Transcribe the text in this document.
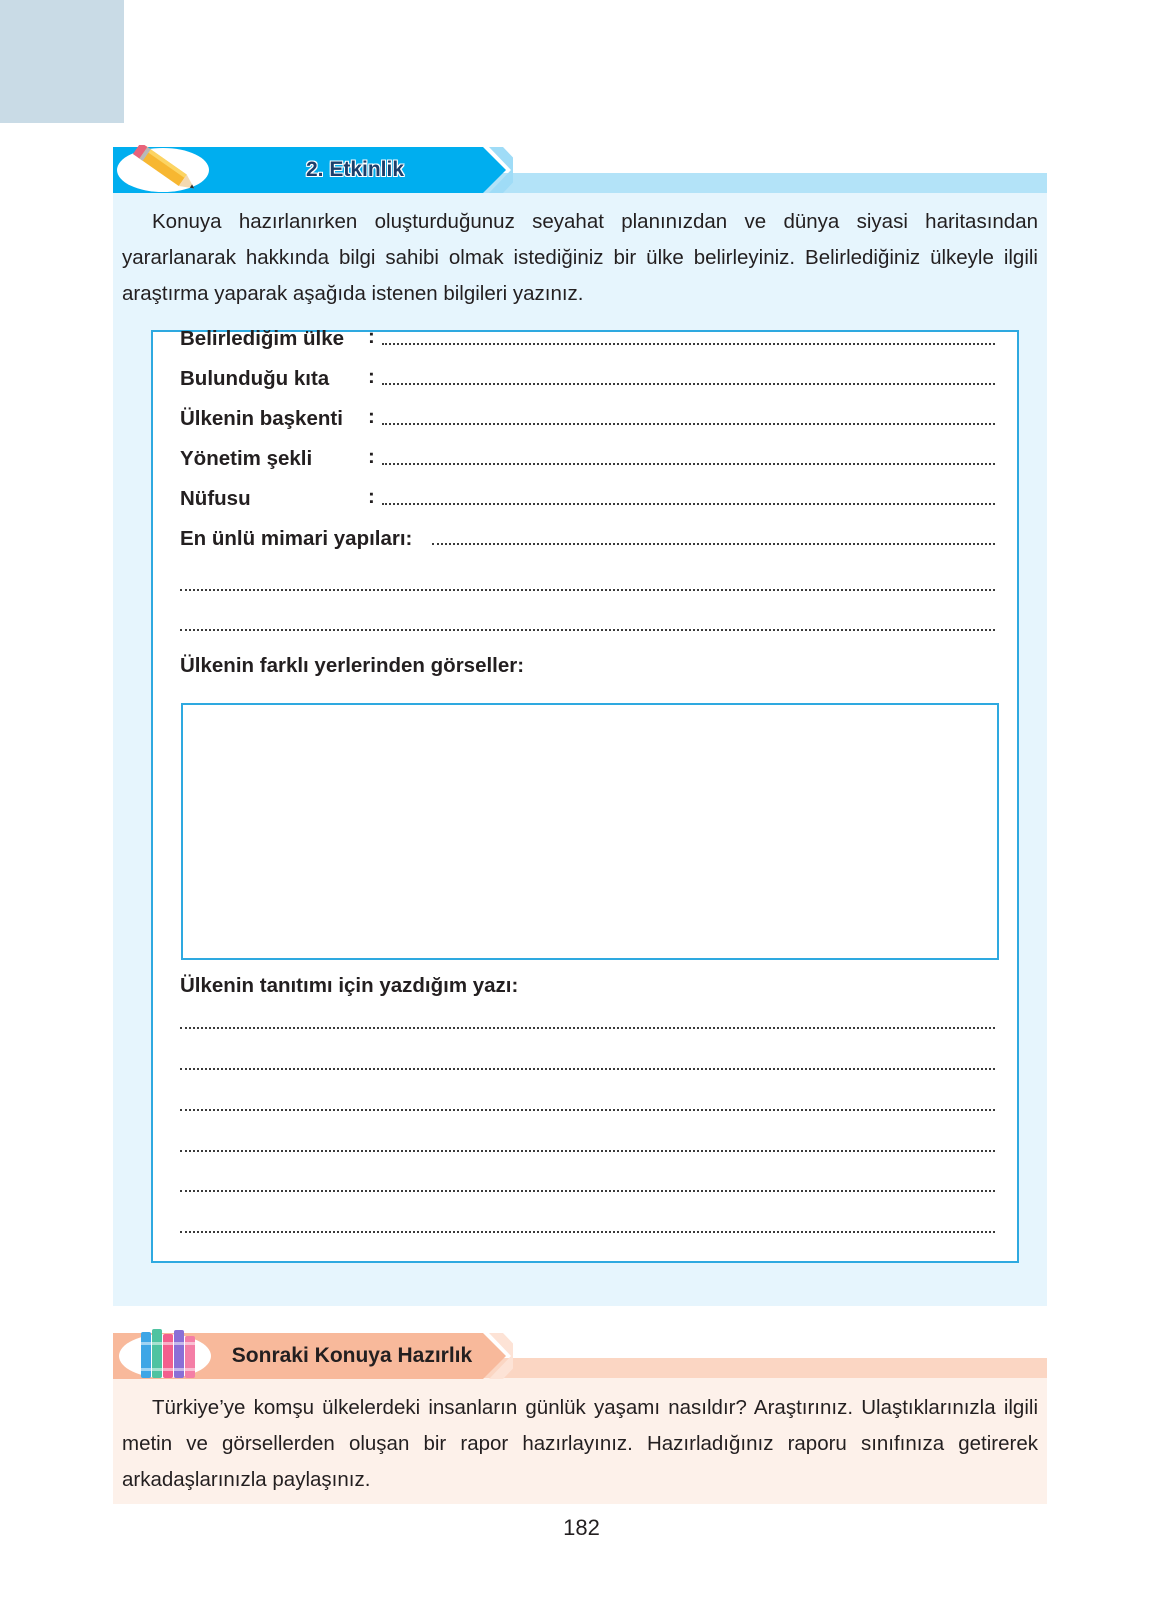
2. Etkinlik

Konuya hazırlanırken oluşturduğunuz seyahat planınızdan ve dünya siyasi haritasından yararlanarak hakkında bilgi sahibi olmak istediğiniz bir ülke belirleyiniz. Belirlediğiniz ülkeyle ilgili araştırma yaparak aşağıda istenen bilgileri yazınız.

Belirlediğim ülke :
Bulunduğu kıta :
Ülkenin başkenti :
Yönetim şekli	:
Nüfusu	:
En ünlü mimari yapıları:
Ülkenin farklı yerlerinden görseller:
Ülkenin tanıtımı için yazdığım yazı:
Sonraki Konuya Hazırlık

Türkiye’ye komşu ülkelerdeki insanların günlük yaşamı nasıldır? Araştırınız. Ulaştıklarınızla ilgili metin ve görsellerden oluşan bir rapor hazırlayınız. Hazırladığınız raporu sınıfınıza getirerek arkadaşlarınızla paylaşınız.

182
